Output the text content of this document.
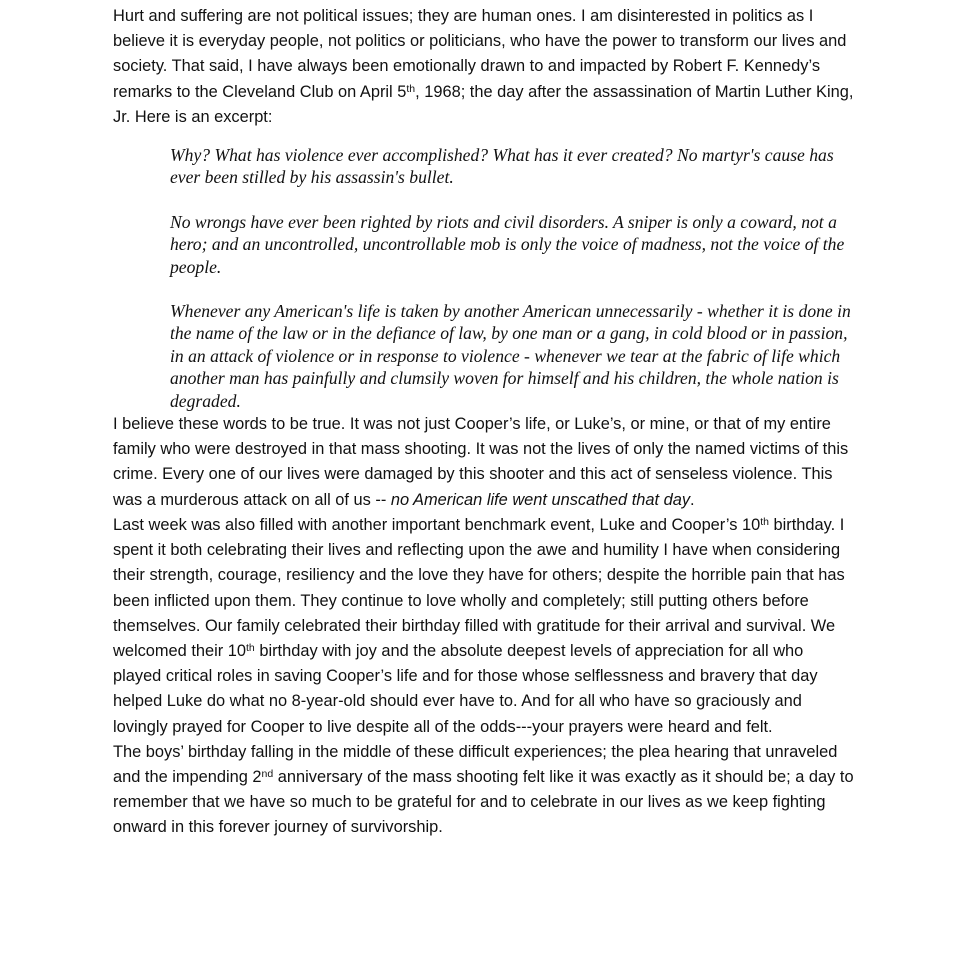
Hurt and suffering are not political issues; they are human ones. I am disinterested in politics as I believe it is everyday people, not politics or politicians, who have the power to transform our lives and society. That said, I have always been emotionally drawn to and impacted by Robert F. Kennedy’s remarks to the Cleveland Club on April 5th, 1968; the day after the assassination of Martin Luther King, Jr. Here is an excerpt:

Why? What has violence ever accomplished? What has it ever created? No martyr's cause has ever been stilled by his assassin's bullet.

No wrongs have ever been righted by riots and civil disorders. A sniper is only a coward, not a hero; and an uncontrolled, uncontrollable mob is only the voice of madness, not the voice of the people.

Whenever any American's life is taken by another American unnecessarily - whether it is done in the name of the law or in the defiance of law, by one man or a gang, in cold blood or in passion, in an attack of violence or in response to violence - whenever we tear at the fabric of life which another man has painfully and clumsily woven for himself and his children, the whole nation is degraded.

I believe these words to be true. It was not just Cooper’s life, or Luke’s, or mine, or that of my entire family who were destroyed in that mass shooting. It was not the lives of only the named victims of this crime. Every one of our lives were damaged by this shooter and this act of senseless violence. This was a murderous attack on all of us -- no American life went unscathed that day.

Last week was also filled with another important benchmark event, Luke and Cooper’s 10th birthday. I spent it both celebrating their lives and reflecting upon the awe and humility I have when considering their strength, courage, resiliency and the love they have for others; despite the horrible pain that has been inflicted upon them. They continue to love wholly and completely; still putting others before themselves. Our family celebrated their birthday filled with gratitude for their arrival and survival. We welcomed their 10th birthday with joy and the absolute deepest levels of appreciation for all who played critical roles in saving Cooper’s life and for those whose selflessness and bravery that day helped Luke do what no 8-year-old should ever have to. And for all who have so graciously and lovingly prayed for Cooper to live despite all of the odds---your prayers were heard and felt.

The boys’ birthday falling in the middle of these difficult experiences; the plea hearing that unraveled and the impending 2nd anniversary of the mass shooting felt like it was exactly as it should be; a day to remember that we have so much to be grateful for and to celebrate in our lives as we keep fighting onward in this forever journey of survivorship.
